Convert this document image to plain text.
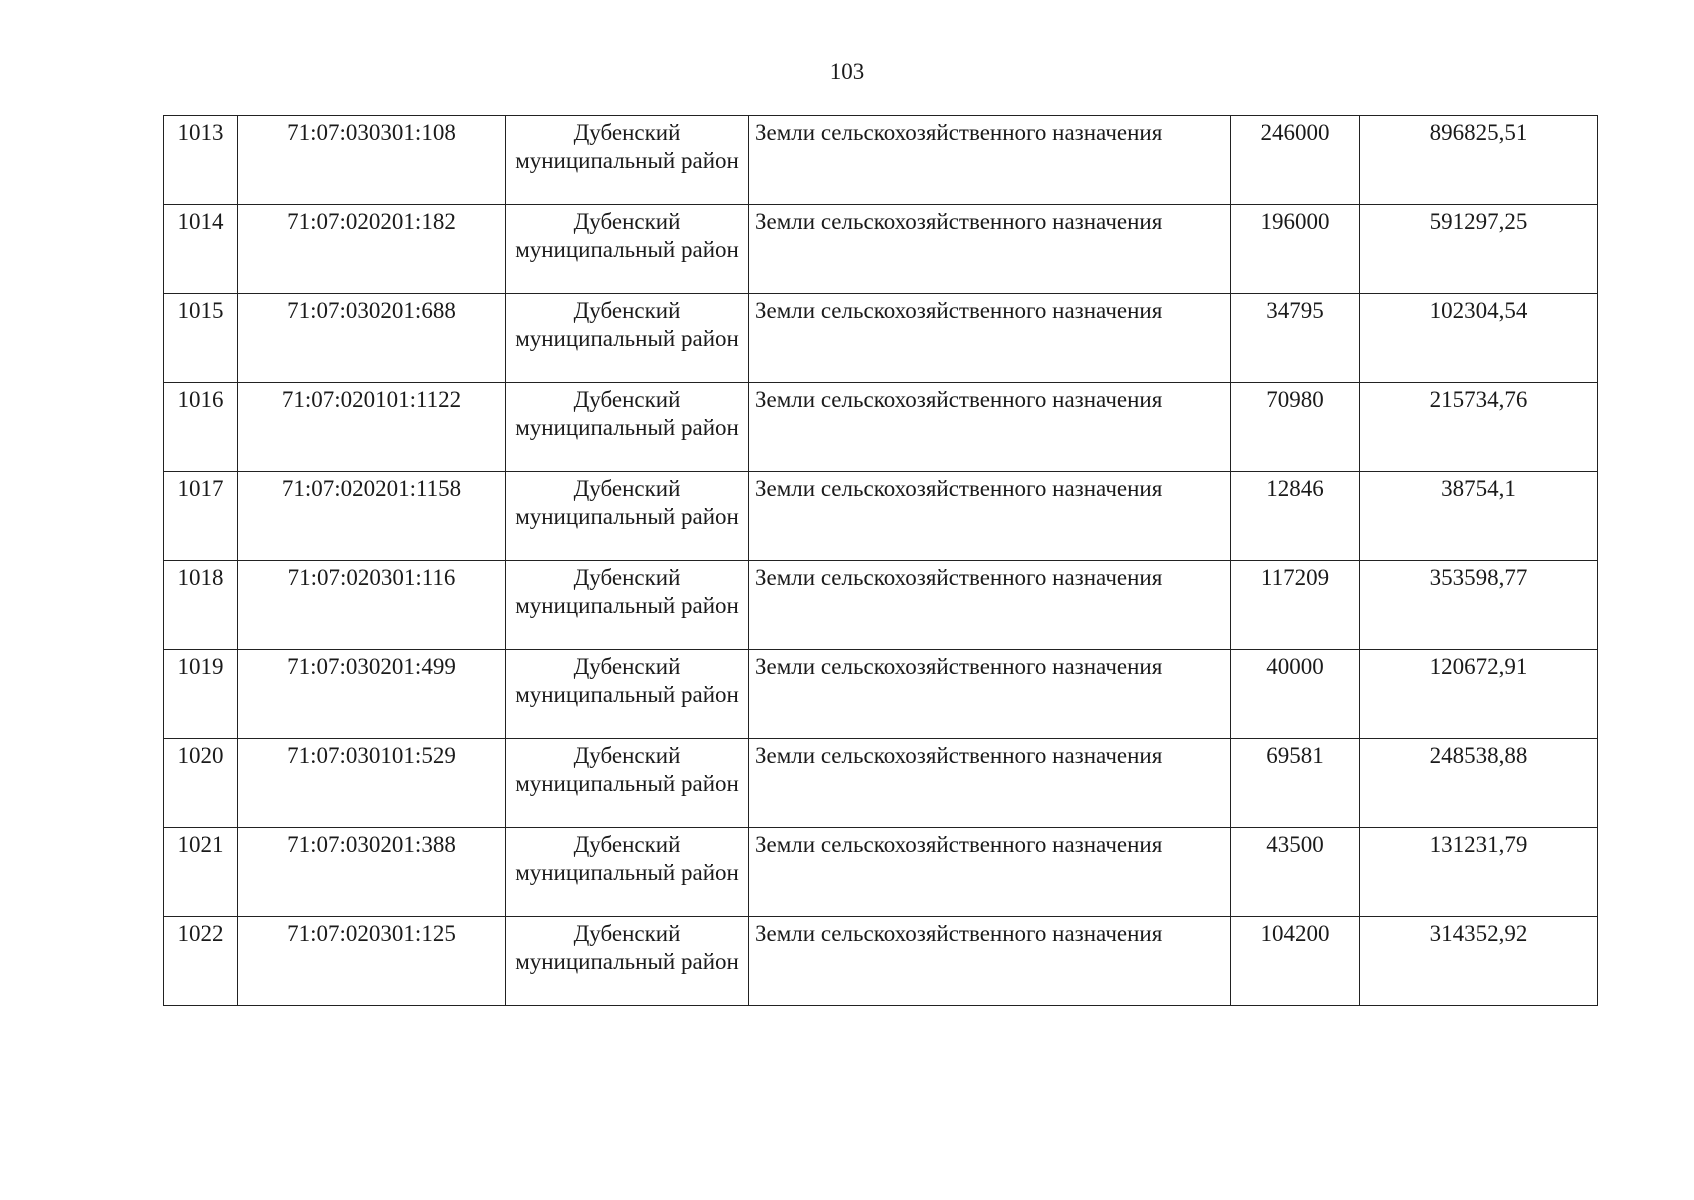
103
1013	71:07:030301:108	Дубенский муниципальный район	Земли сельскохозяйственного назначения	246000	896825,51
1014	71:07:020201:182	Дубенский муниципальный район	Земли сельскохозяйственного назначения	196000	591297,25
1015	71:07:030201:688	Дубенский муниципальный район	Земли сельскохозяйственного назначения	34795	102304,54
1016	71:07:020101:1122	Дубенский муниципальный район	Земли сельскохозяйственного назначения	70980	215734,76
1017	71:07:020201:1158	Дубенский муниципальный район	Земли сельскохозяйственного назначения	12846	38754,1
1018	71:07:020301:116	Дубенский муниципальный район	Земли сельскохозяйственного назначения	117209	353598,77
1019	71:07:030201:499	Дубенский муниципальный район	Земли сельскохозяйственного назначения	40000	120672,91
1020	71:07:030101:529	Дубенский муниципальный район	Земли сельскохозяйственного назначения	69581	248538,88
1021	71:07:030201:388	Дубенский муниципальный район	Земли сельскохозяйственного назначения	43500	131231,79
1022	71:07:020301:125	Дубенский муниципальный район	Земли сельскохозяйственного назначения	104200	314352,92
